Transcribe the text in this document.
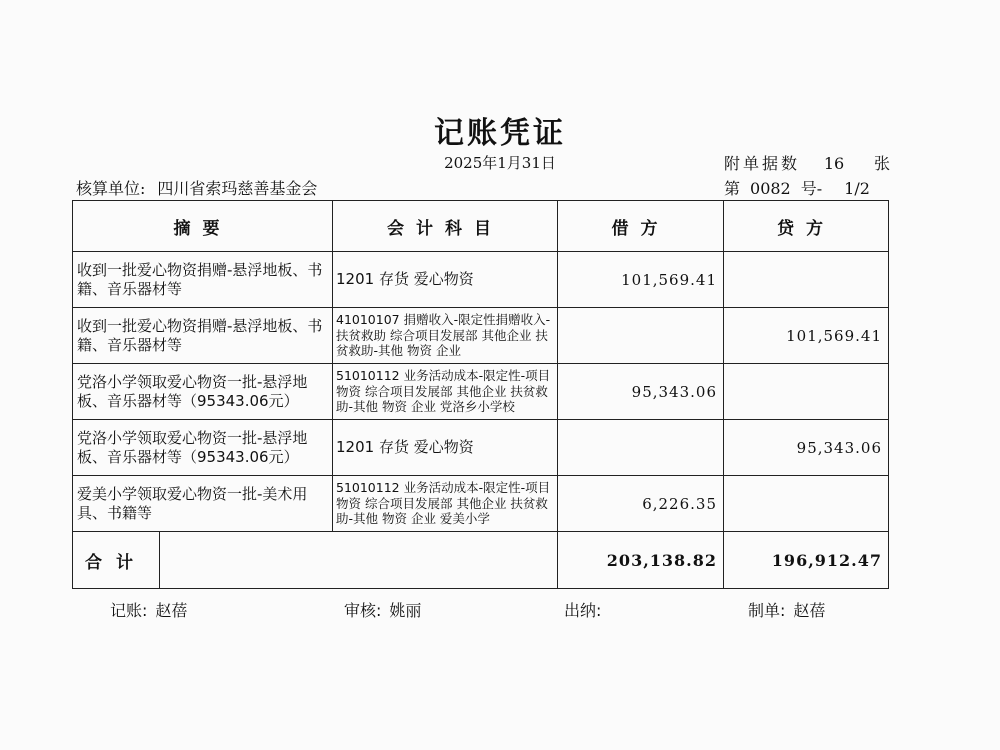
记账凭证
2025年1月31日	附单据数 16 张
核算单位: 四川省索玛慈善基金会	第 0082 号- 1/2
摘要	会计科目	借方	贷方
收到一批爱心物资捐赠-悬浮地板、书籍、音乐器材等	1201 存货 爱心物资	101,569.41	
收到一批爱心物资捐赠-悬浮地板、书籍、音乐器材等	41010107 捐赠收入-限定性捐赠收入-扶贫救助 综合项目发展部 其他企业 扶贫救助-其他 物资 企业		101,569.41
党洛小学领取爱心物资一批-悬浮地板、音乐器材等（95343.06元）	51010112 业务活动成本-限定性-项目物资 综合项目发展部 其他企业 扶贫救助-其他 物资 企业 党洛乡小学校	95,343.06	
党洛小学领取爱心物资一批-悬浮地板、音乐器材等（95343.06元）	1201 存货 爱心物资		95,343.06
爱美小学领取爱心物资一批-美术用具、书籍等	51010112 业务活动成本-限定性-项目物资 综合项目发展部 其他企业 扶贫救助-其他 物资 企业 爱美小学	6,226.35	

合计		203,138.82	196,912.47
记账: 赵蓓	审核: 姚丽	出纳:	制单: 赵蓓
